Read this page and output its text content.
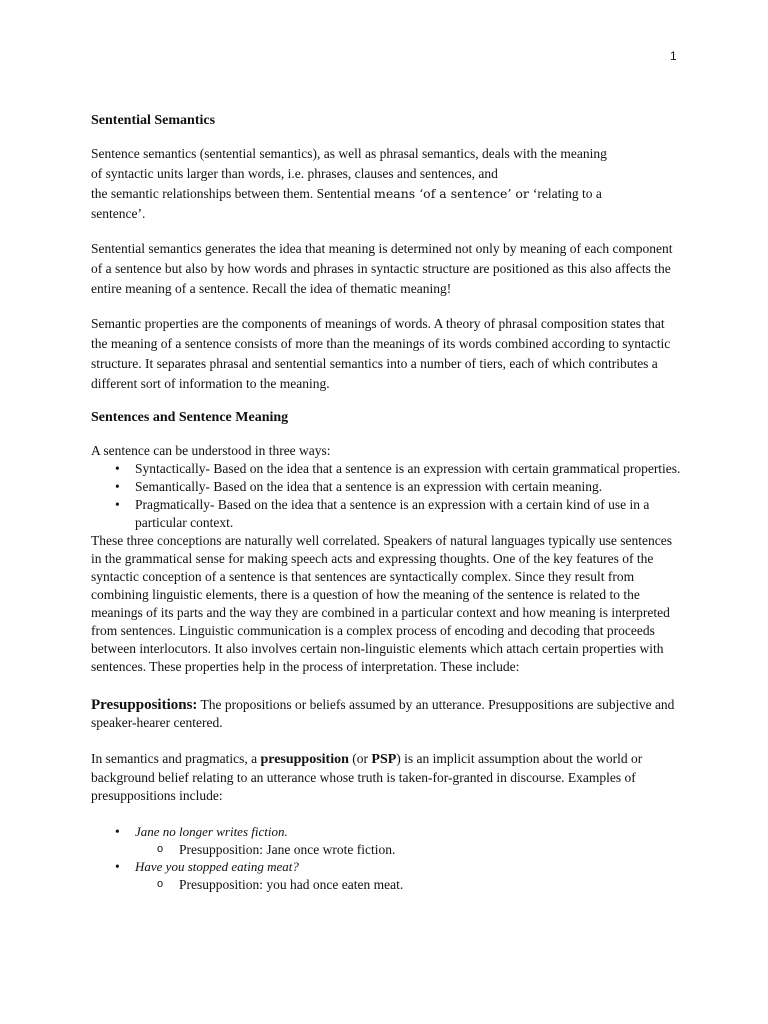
1
Sentential Semantics

Sentence semantics (sentential semantics), as well as phrasal semantics, deals with the meaning
of syntactic units larger than words, i.e. phrases, clauses and sentences, and
the semantic relationships between them. Sentential means ‘of a sentence’ or ‘relating to a
sentence’.

Sentential semantics generates the idea that meaning is determined not only by meaning of each component of a sentence but also by how words and phrases in syntactic structure are positioned as this also affects the entire meaning of a sentence. Recall the idea of thematic meaning!

Semantic properties are the components of meanings of words. A theory of phrasal composition states that the meaning of a sentence consists of more than the meanings of its words combined according to syntactic structure. It separates phrasal and sentential semantics into a number of tiers, each of which contributes a different sort of information to the meaning.

Sentences and Sentence Meaning

A sentence can be understood in three ways:

• Syntactically- Based on the idea that a sentence is an expression with certain grammatical properties.
• Semantically- Based on the idea that a sentence is an expression with certain meaning.
• Pragmatically- Based on the idea that a sentence is an expression with a certain kind of use in a particular context.

These three conceptions are naturally well correlated. Speakers of natural languages typically use sentences in the grammatical sense for making speech acts and expressing thoughts. One of the key features of the syntactic conception of a sentence is that sentences are syntactically complex. Since they result from combining linguistic elements, there is a question of how the meaning of the sentence is related to the meanings of its parts and the way they are combined in a particular context and how meaning is interpreted from sentences. Linguistic communication is a complex process of encoding and decoding that proceeds between interlocutors. It also involves certain non-linguistic elements which attach certain properties with sentences. These properties help in the process of interpretation. These include:

Presuppositions: The propositions or beliefs assumed by an utterance. Presuppositions are subjective and speaker-hearer centered.

In semantics and pragmatics, a presupposition (or PSP) is an implicit assumption about the world or background belief relating to an utterance whose truth is taken-for-granted in discourse. Examples of presuppositions include:

• Jane no longer writes fiction.
o Presupposition: Jane once wrote fiction.
• Have you stopped eating meat?
o Presupposition: you had once eaten meat.
